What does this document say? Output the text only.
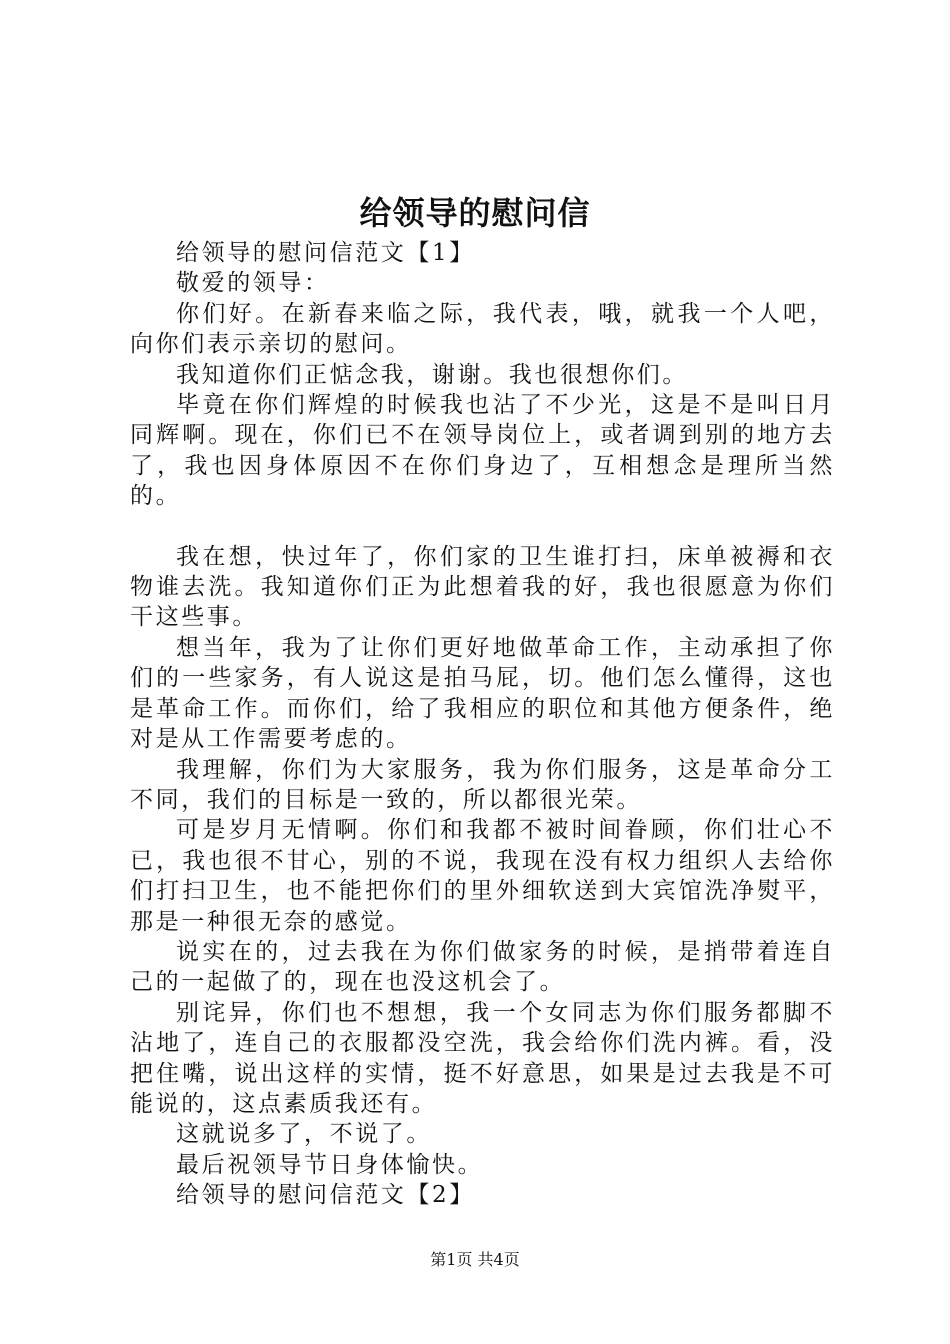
给领导的慰问信

给领导的慰问信范文【1】

敬爱的领导：

你们好。在新春来临之际，我代表，哦，就我一个人吧，向你们表示亲切的慰问。

我知道你们正惦念我，谢谢。我也很想你们。

毕竟在你们辉煌的时候我也沾了不少光，这是不是叫日月同辉啊。现在，你们已不在领导岗位上，或者调到别的地方去了，我也因身体原因不在你们身边了，互相想念是理所当然的。

我在想，快过年了，你们家的卫生谁打扫，床单被褥和衣物谁去洗。我知道你们正为此想着我的好，我也很愿意为你们干这些事。

想当年，我为了让你们更好地做革命工作，主动承担了你们的一些家务，有人说这是拍马屁，切。他们怎么懂得，这也是革命工作。而你们，给了我相应的职位和其他方便条件，绝对是从工作需要考虑的。

我理解，你们为大家服务，我为你们服务，这是革命分工不同，我们的目标是一致的，所以都很光荣。

可是岁月无情啊。你们和我都不被时间眷顾，你们壮心不已，我也很不甘心，别的不说，我现在没有权力组织人去给你们打扫卫生，也不能把你们的里外细软送到大宾馆洗净熨平，那是一种很无奈的感觉。

说实在的，过去我在为你们做家务的时候，是捎带着连自己的一起做了的，现在也没这机会了。

别诧异，你们也不想想，我一个女同志为你们服务都脚不沾地了，连自己的衣服都没空洗，我会给你们洗内裤。看，没把住嘴，说出这样的实情，挺不好意思，如果是过去我是不可能说的，这点素质我还有。

这就说多了，不说了。

最后祝领导节日身体愉快。

给领导的慰问信范文【2】

第1页 共4页
